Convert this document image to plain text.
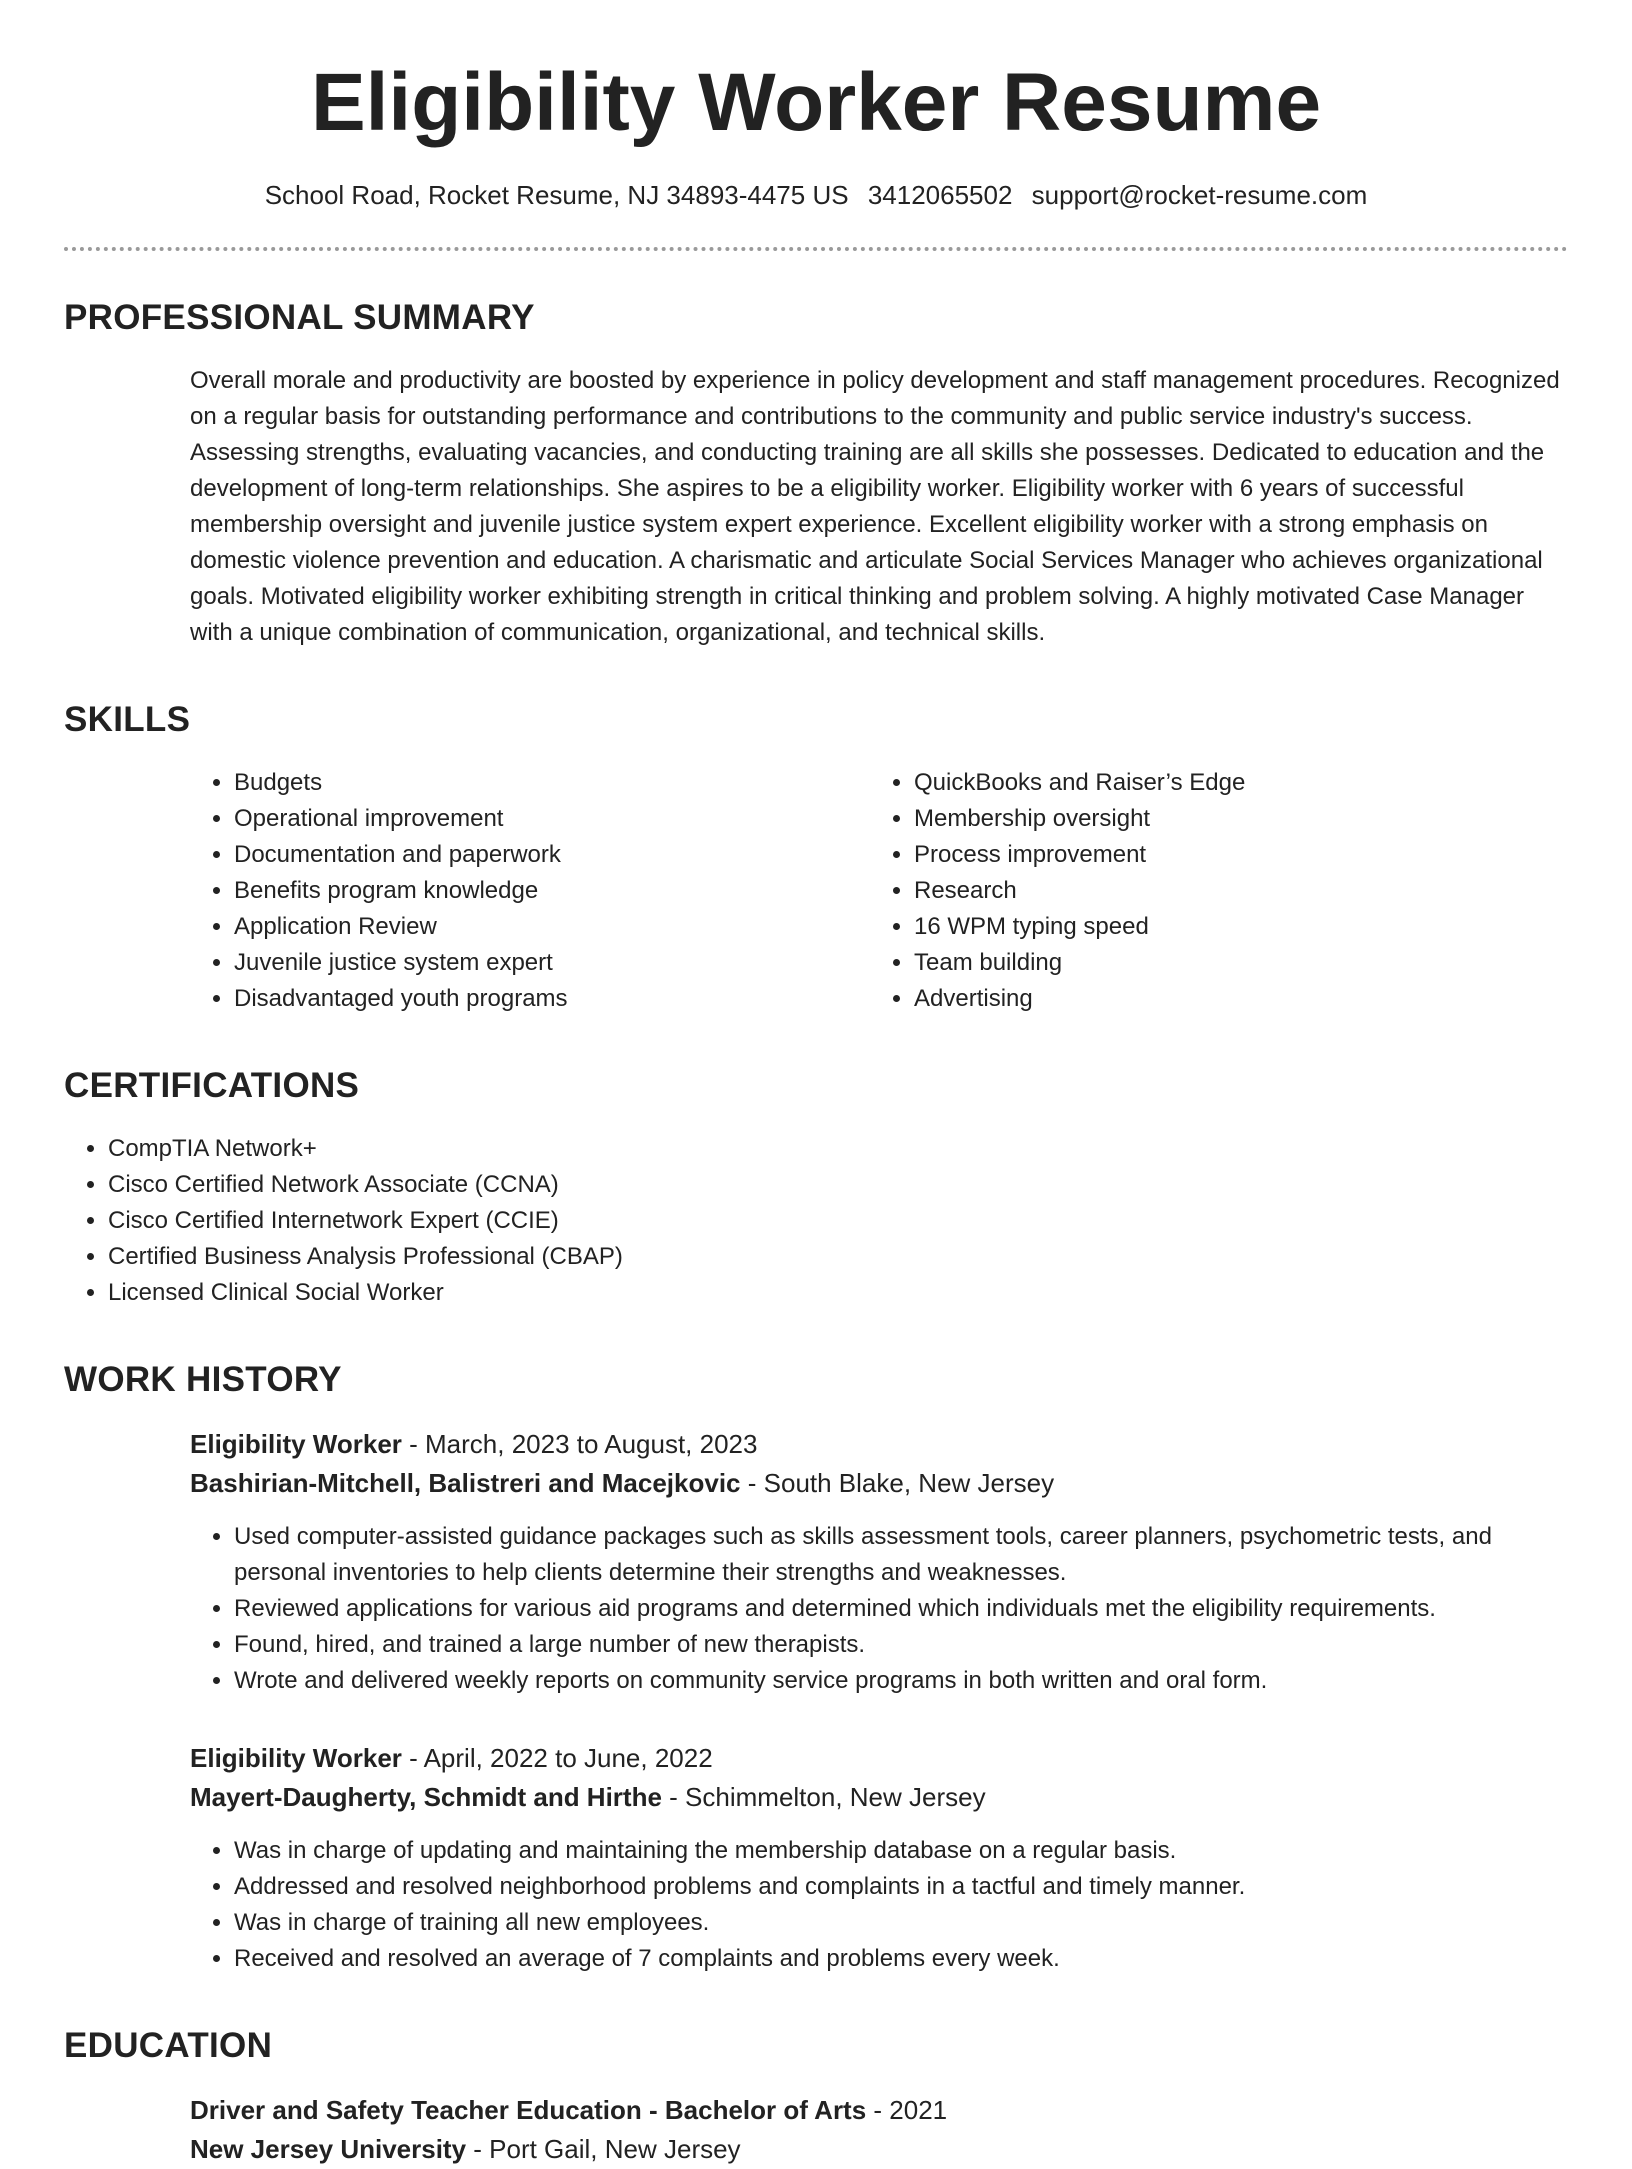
Eligibility Worker Resume
School Road, Rocket Resume, NJ 34893-4475 US 3412065502 support@rocket-resume.com
PROFESSIONAL SUMMARY
Overall morale and productivity are boosted by experience in policy development and staff management procedures. Recognized on a regular basis for outstanding performance and contributions to the community and public service industry's success. Assessing strengths, evaluating vacancies, and conducting training are all skills she possesses. Dedicated to education and the development of long-term relationships. She aspires to be a eligibility worker. Eligibility worker with 6 years of successful membership oversight and juvenile justice system expert experience. Excellent eligibility worker with a strong emphasis on domestic violence prevention and education. A charismatic and articulate Social Services Manager who achieves organizational goals. Motivated eligibility worker exhibiting strength in critical thinking and problem solving. A highly motivated Case Manager with a unique combination of communication, organizational, and technical skills.
SKILLS
• Budgets
• Operational improvement
• Documentation and paperwork
• Benefits program knowledge
• Application Review
• Juvenile justice system expert
• Disadvantaged youth programs
• QuickBooks and Raiser’s Edge
• Membership oversight
• Process improvement
• Research
• 16 WPM typing speed
• Team building
• Advertising
CERTIFICATIONS
• CompTIA Network+
• Cisco Certified Network Associate (CCNA)
• Cisco Certified Internetwork Expert (CCIE)
• Certified Business Analysis Professional (CBAP)
• Licensed Clinical Social Worker
WORK HISTORY
Eligibility Worker - March, 2023 to August, 2023
Bashirian-Mitchell, Balistreri and Macejkovic - South Blake, New Jersey
• Used computer-assisted guidance packages such as skills assessment tools, career planners, psychometric tests, and personal inventories to help clients determine their strengths and weaknesses.
• Reviewed applications for various aid programs and determined which individuals met the eligibility requirements.
• Found, hired, and trained a large number of new therapists.
• Wrote and delivered weekly reports on community service programs in both written and oral form.
Eligibility Worker - April, 2022 to June, 2022
Mayert-Daugherty, Schmidt and Hirthe - Schimmelton, New Jersey
• Was in charge of updating and maintaining the membership database on a regular basis.
• Addressed and resolved neighborhood problems and complaints in a tactful and timely manner.
• Was in charge of training all new employees.
• Received and resolved an average of 7 complaints and problems every week.
EDUCATION
Driver and Safety Teacher Education - Bachelor of Arts - 2021
New Jersey University - Port Gail, New Jersey
